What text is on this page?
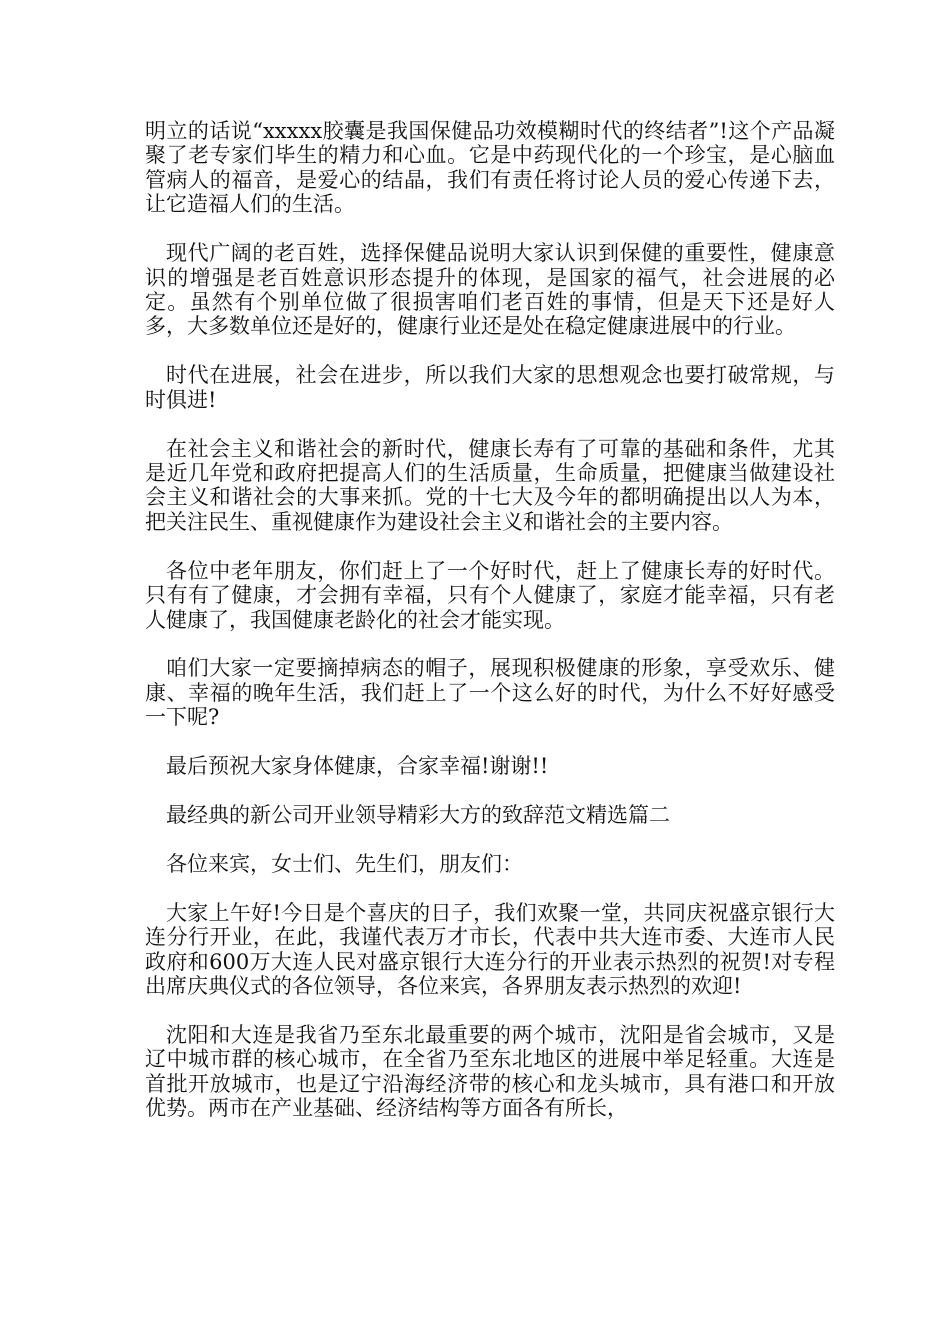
明立的话说“xxxxx胶囊是我国保健品功效模糊时代的终结者”!这个产品凝聚了老专家们毕生的精力和心血。它是中药现代化的一个珍宝，是心脑血管病人的福音，是爱心的结晶，我们有责任将讨论人员的爱心传递下去，让它造福人们的生活。

现代广阔的老百姓，选择保健品说明大家认识到保健的重要性，健康意识的增强是老百姓意识形态提升的体现，是国家的福气，社会进展的必定。虽然有个别单位做了很损害咱们老百姓的事情，但是天下还是好人多，大多数单位还是好的，健康行业还是处在稳定健康进展中的行业。

时代在进展，社会在进步，所以我们大家的思想观念也要打破常规，与时俱进!

在社会主义和谐社会的新时代，健康长寿有了可靠的基础和条件，尤其是近几年党和政府把提高人们的生活质量，生命质量，把健康当做建设社会主义和谐社会的大事来抓。党的十七大及今年的都明确提出以人为本，把关注民生、重视健康作为建设社会主义和谐社会的主要内容。

各位中老年朋友，你们赶上了一个好时代，赶上了健康长寿的好时代。只有有了健康，才会拥有幸福，只有个人健康了，家庭才能幸福，只有老人健康了，我国健康老龄化的社会才能实现。

咱们大家一定要摘掉病态的帽子，展现积极健康的形象，享受欢乐、健康、幸福的晚年生活，我们赶上了一个这么好的时代，为什么不好好感受一下呢?

最后预祝大家身体健康，合家幸福!谢谢!!

最经典的新公司开业领导精彩大方的致辞范文精选篇二

各位来宾，女士们、先生们，朋友们：

大家上午好!今日是个喜庆的日子，我们欢聚一堂，共同庆祝盛京银行大连分行开业，在此，我谨代表万才市长，代表中共大连市委、大连市人民政府和600万大连人民对盛京银行大连分行的开业表示热烈的祝贺!对专程出席庆典仪式的各位领导，各位来宾，各界朋友表示热烈的欢迎!

沈阳和大连是我省乃至东北最重要的两个城市，沈阳是省会城市，又是辽中城市群的核心城市，在全省乃至东北地区的进展中举足轻重。大连是首批开放城市，也是辽宁沿海经济带的核心和龙头城市，具有港口和开放优势。两市在产业基础、经济结构等方面各有所长，
